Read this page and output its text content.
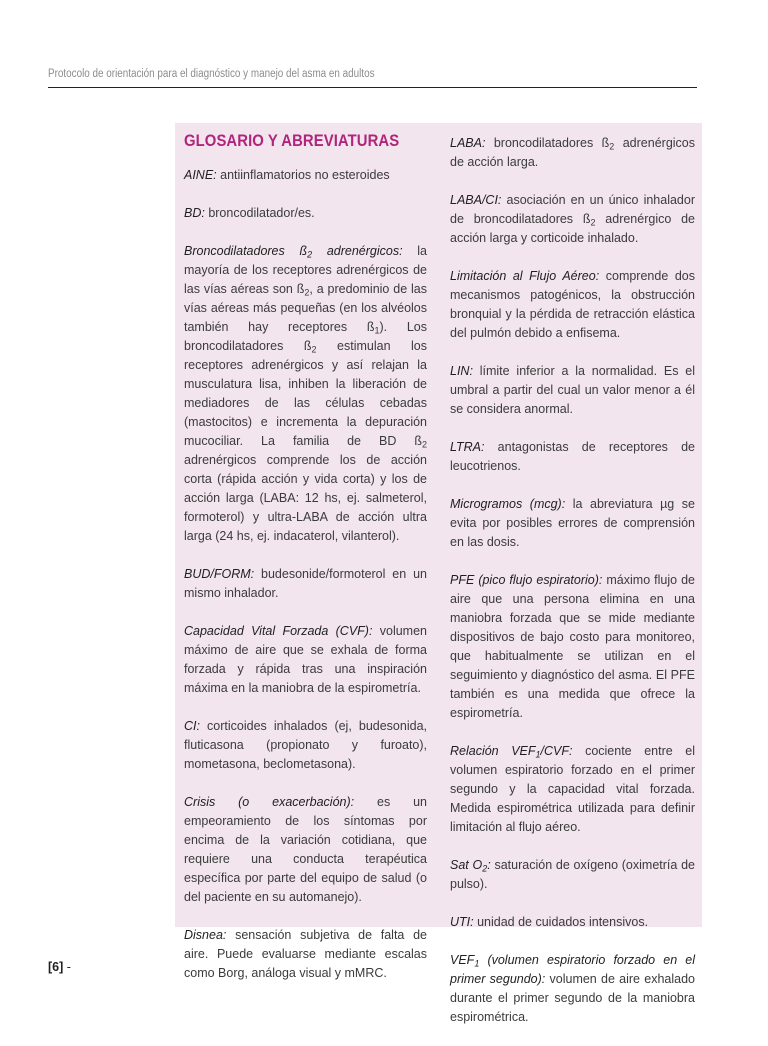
Protocolo de orientación para el diagnóstico y manejo del asma en adultos
GLOSARIO Y ABREVIATURAS

AINE: antiinflamatorios no esteroides

BD: broncodilatador/es.

Broncodilatadores $ß_2$ adrenérgicos: la mayoría de los receptores adrenérgicos de las vías aéreas son $ß_2$, a predominio de las vías aéreas más pequeñas (en los alvéolos también hay receptores $ß_1$). Los broncodilatadores $ß_2$ estimulan los receptores adrenérgicos y así relajan la musculatura lisa, inhiben la liberación de mediadores de las células cebadas (mastocitos) e incrementa la depuración mucociliar. La familia de BD $ß_2$ adrenérgicos comprende los de acción corta (rápida acción y vida corta) y los de acción larga (LABA: 12 hs, ej. salmeterol, formoterol) y ultra-LABA de acción ultra larga (24 hs, ej. indacaterol, vilanterol).

BUD/FORM: budesonide/formoterol en un mismo inhalador.

Capacidad Vital Forzada (CVF): volumen máximo de aire que se exhala de forma forzada y rápida tras una inspiración máxima en la maniobra de la espirometría.

CI: corticoides inhalados (ej, budesonida, fluticasona (propionato y furoato), mometasona, beclometasona).

Crisis (o exacerbación): es un empeoramiento de los síntomas por encima de la variación cotidiana, que requiere una conducta terapéutica específica por parte del equipo de salud (o del paciente en su automanejo).

Disnea: sensación subjetiva de falta de aire. Puede evaluarse mediante escalas como Borg, análoga visual y mMRC.

LABA: broncodilatadores $ß_2$ adrenérgicos de acción larga.

LABA/CI: asociación en un único inhalador de broncodilatadores $ß_2$ adrenérgico de acción larga y corticoide inhalado.

Limitación al Flujo Aéreo: comprende dos mecanismos patogénicos, la obstrucción bronquial y la pérdida de retracción elástica del pulmón debido a enfisema.

LIN: límite inferior a la normalidad. Es el umbral a partir del cual un valor menor a él se considera anormal.

LTRA: antagonistas de receptores de leucotrienos.

Microgramos (mcg): la abreviatura µg se evita por posibles errores de comprensión en las dosis.

PFE (pico flujo espiratorio): máximo flujo de aire que una persona elimina en una maniobra forzada que se mide mediante dispositivos de bajo costo para monitoreo, que habitualmente se utilizan en el seguimiento y diagnóstico del asma. El PFE también es una medida que ofrece la espirometría.

Relación $VEF_1$/CVF: cociente entre el volumen espiratorio forzado en el primer segundo y la capacidad vital forzada. Medida espirométrica utilizada para definir limitación al flujo aéreo.

Sat $O_2$: saturación de oxígeno (oximetría de pulso).

UTI: unidad de cuidados intensivos.

$VEF_1$ (volumen espiratorio forzado en el primer segundo): volumen de aire exhalado durante el primer segundo de la maniobra espirométrica.

[6] -
